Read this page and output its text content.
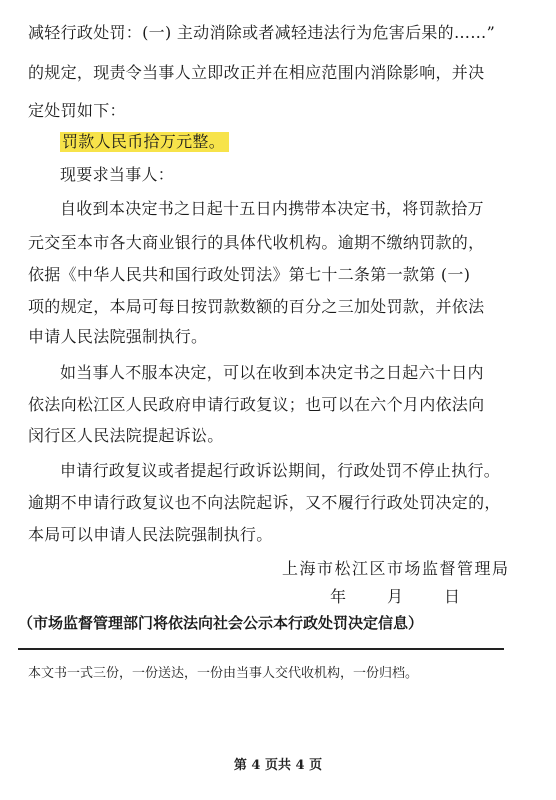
减轻行政处罚：(一) 主动消除或者减轻违法行为危害后果的……”
的规定，现责令当事人立即改正并在相应范围内消除影响，并决
定处罚如下：
罚款人民币拾万元整。
现要求当事人：
自收到本决定书之日起十五日内携带本决定书，将罚款拾万
元交至本市各大商业银行的具体代收机构。逾期不缴纳罚款的，
依据《中华人民共和国行政处罚法》第七十二条第一款第 (一)
项的规定，本局可每日按罚款数额的百分之三加处罚款，并依法
申请人民法院强制执行。
如当事人不服本决定，可以在收到本决定书之日起六十日内
依法向松江区人民政府申请行政复议；也可以在六个月内依法向
闵行区人民法院提起诉讼。
申请行政复议或者提起行政诉讼期间，行政处罚不停止执行。
逾期不申请行政复议也不向法院起诉，又不履行行政处罚决定的，
本局可以申请人民法院强制执行。
上海市松江区市场监督管理局
年　　月　　日
（市场监督管理部门将依法向社会公示本行政处罚决定信息）
本文书一式三份，一份送达，一份由当事人交代收机构，一份归档。
第 4 页共 4 页
